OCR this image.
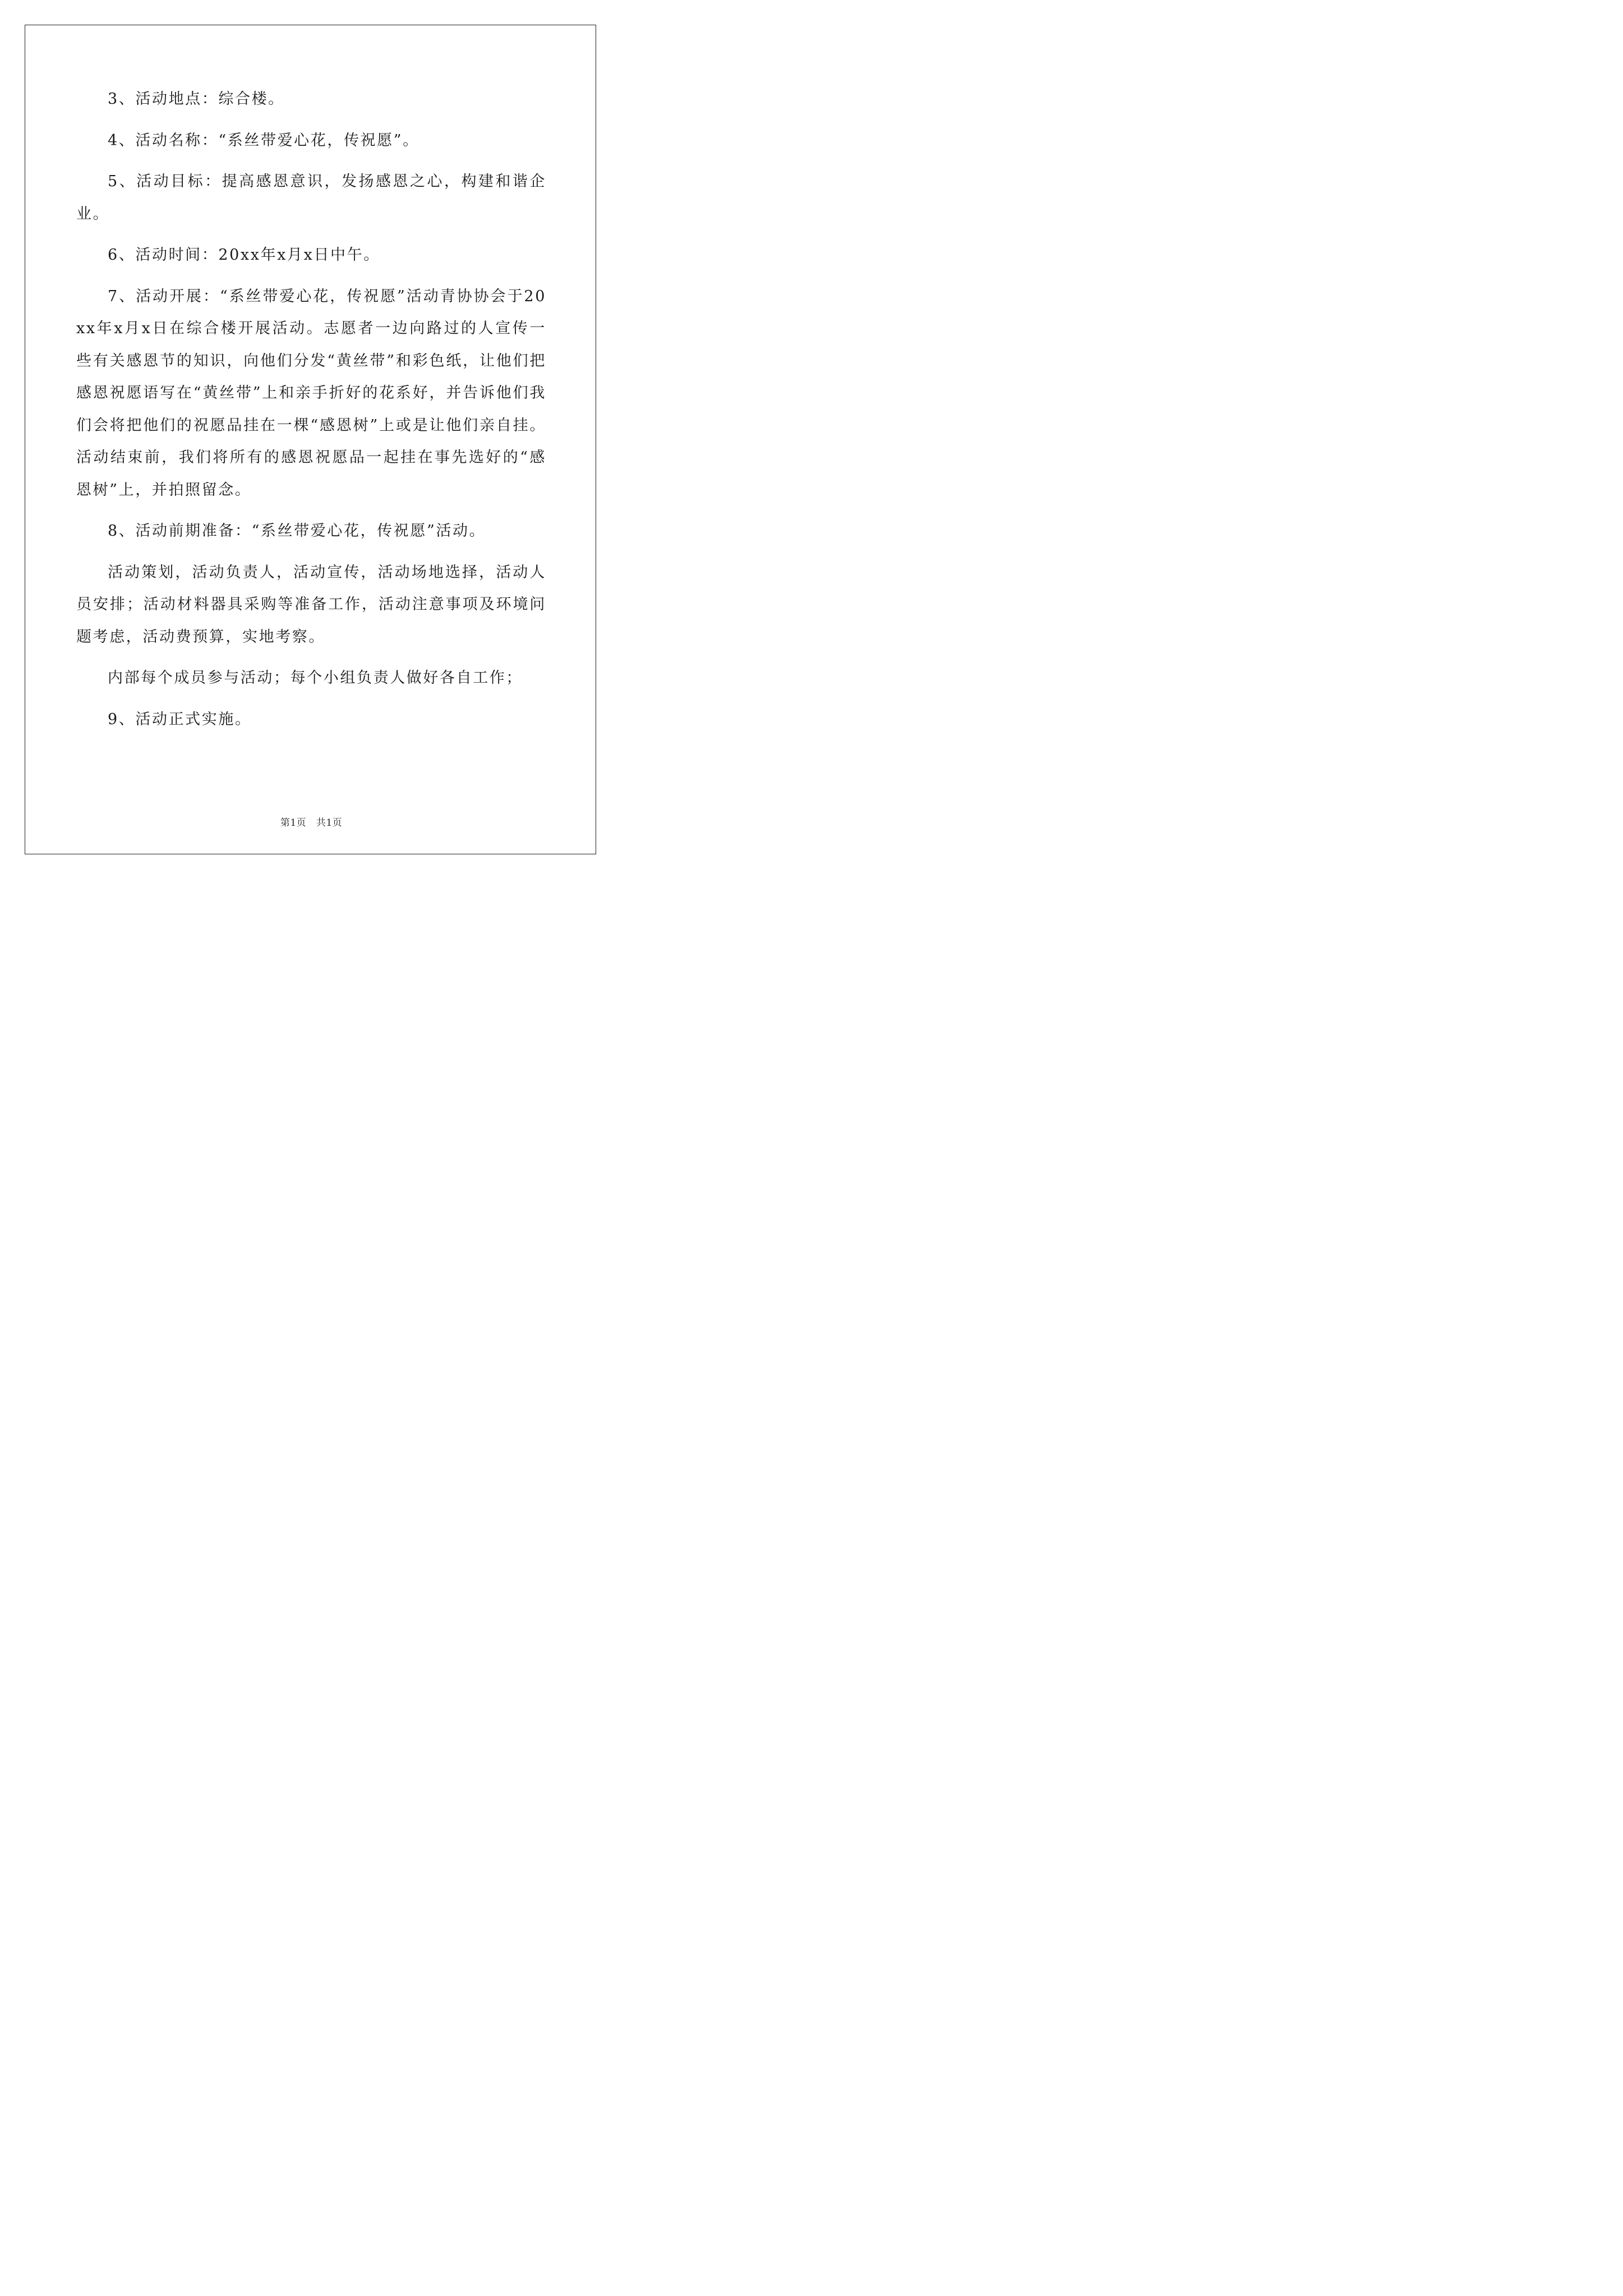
3、活动地点：综合楼。

4、活动名称：“系丝带爱心花，传祝愿”。

5、活动目标：提高感恩意识，发扬感恩之心，构建和谐企业。

6、活动时间：20xx年x月x日中午。

7、活动开展：“系丝带爱心花，传祝愿”活动青协协会于20xx年x月x日在综合楼开展活动。志愿者一边向路过的人宣传一些有关感恩节的知识，向他们分发“黄丝带”和彩色纸，让他们把感恩祝愿语写在“黄丝带”上和亲手折好的花系好，并告诉他们我们会将把他们的祝愿品挂在一棵“感恩树”上或是让他们亲自挂。活动结束前，我们将所有的感恩祝愿品一起挂在事先选好的“感恩树”上，并拍照留念。

8、活动前期准备：“系丝带爱心花，传祝愿”活动。

活动策划，活动负责人，活动宣传，活动场地选择，活动人员安排；活动材料器具采购等准备工作，活动注意事项及环境问题考虑，活动费预算，实地考察。

内部每个成员参与活动；每个小组负责人做好各自工作；

9、活动正式实施。

第1页   共1页
